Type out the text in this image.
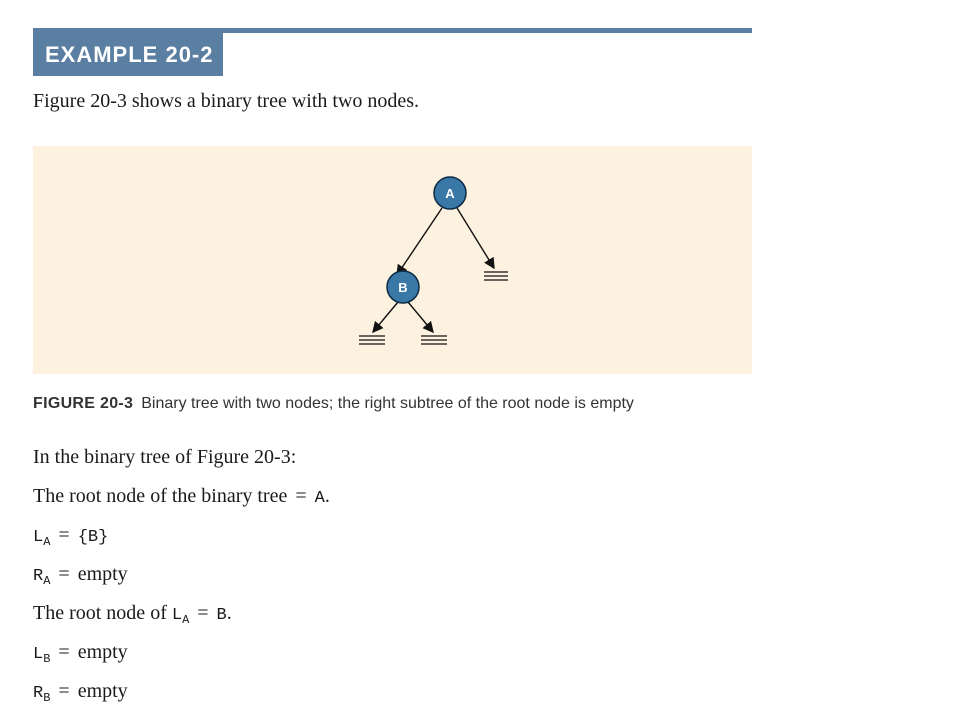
EXAMPLE 20-2
Figure 20-3 shows a binary tree with two nodes.
A
B
FIGURE 20-3 Binary tree with two nodes; the right subtree of the root node is empty
In the binary tree of Figure 20-3:
The root node of the binary tree = A.
$L_A = \{B\}$
$R_A$ = empty
The root node of $L_A = B$.
$L_B$ = empty
$R_B$ = empty
